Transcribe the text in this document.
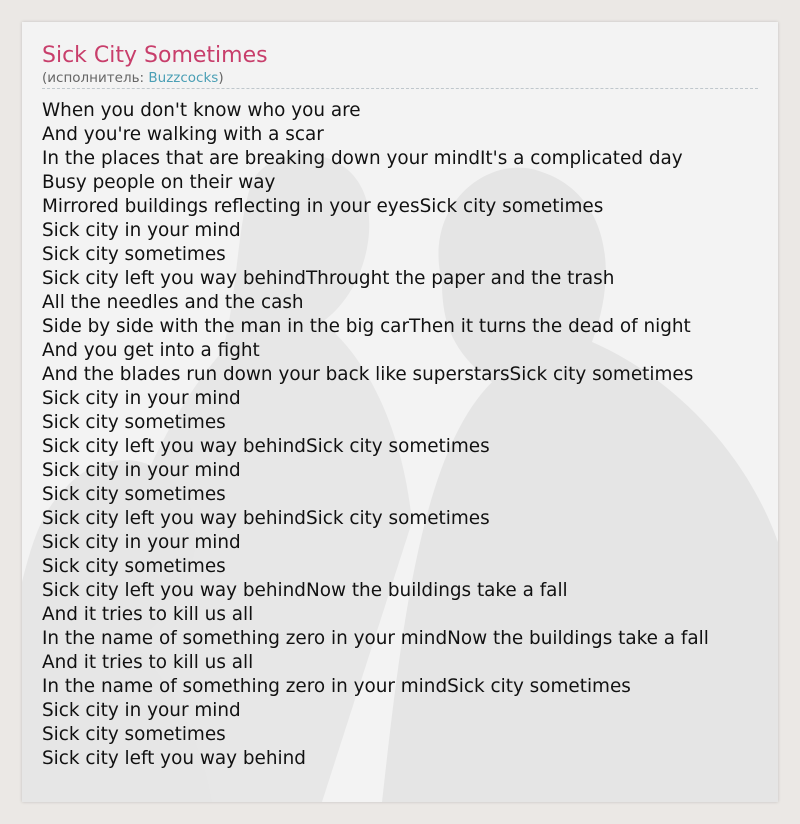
Sick City Sometimes
(исполнитель: Buzzcocks)
When you don't know who you are
And you're walking with a scar
In the places that are breaking down your mindIt's a complicated day
Busy people on their way
Mirrored buildings reflecting in your eyesSick city sometimes
Sick city in your mind
Sick city sometimes
Sick city left you way behindThrought the paper and the trash
All the needles and the cash
Side by side with the man in the big carThen it turns the dead of night
And you get into a fight
And the blades run down your back like superstarsSick city sometimes
Sick city in your mind
Sick city sometimes
Sick city left you way behindSick city sometimes
Sick city in your mind
Sick city sometimes
Sick city left you way behindSick city sometimes
Sick city in your mind
Sick city sometimes
Sick city left you way behindNow the buildings take a fall
And it tries to kill us all
In the name of something zero in your mindNow the buildings take a fall
And it tries to kill us all
In the name of something zero in your mindSick city sometimes
Sick city in your mind
Sick city sometimes
Sick city left you way behind
